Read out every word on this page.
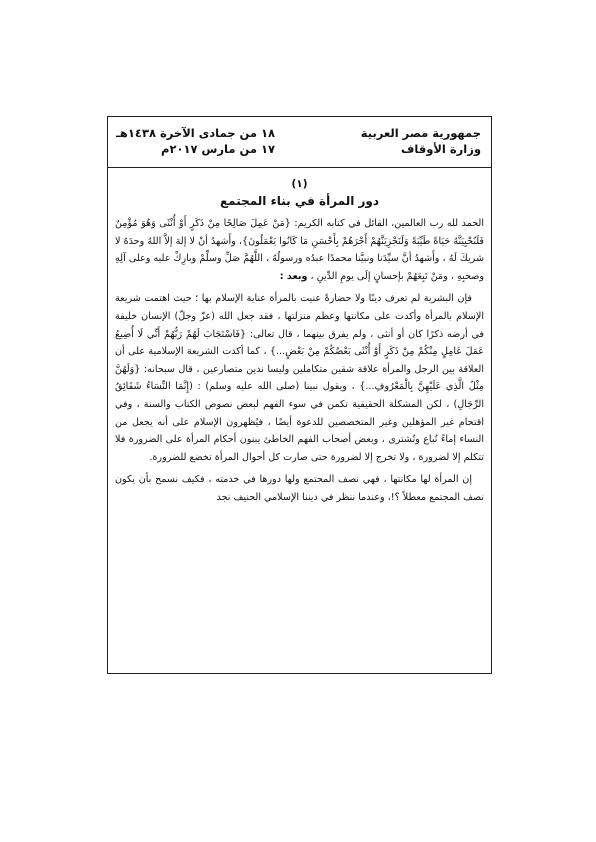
جمهورية مصر العربية
وزارة الأوقاف
١٨ من جمادى الآخرة ١٤٣٨هـ
١٧ من مارس ٢٠١٧م
(١)
دور المرأة في بناء المجتمع

الحمد لله رب العالمين، القائل في كتابه الكريم: {مَنْ عَمِلَ صَالِحًا مِنْ ذَكَرٍ أَوْ أُنْثَى وَهُوَ مُؤْمِنٌ فَلَنُحْيِيَنَّهُ حَيَاةً طَيِّبَةً وَلَنَجْزِيَنَّهُمْ أَجْرَهُمْ بِأَحْسَنِ مَا كَانُوا يَعْمَلُونَ}، وأَشهدُ أنْ لا إلهَ إلاَّ اللهُ وحدَهُ لا شريكَ لَهُ ، وأَشهدُ أنَّ سيِّدَنا ونبيَّنا محمدًا عبدُه ورسولُهُ ، اللَّهُمَّ صَلِّ وسلِّمْ وبارِكْ عليه وعلى آلِهِ وصحبِهِ ، ومَنْ تَبِعَهُمْ بإحسانٍ إلَى يومِ الدِّينِ ، وبعد :

فإن البشرية لم تعرف دينًا ولا حضارةً عنيت بالمرأة عناية الإسلام بها ؛ حيث اهتمت شريعة الإسلام بالمرأة وأكدت على مكانتها وعظم منزلتها ، فقد جعل الله (عزّ وجلّ) الإنسان خليفة في أرضه ذكرًا كان أو أنثى ، ولم يفرق بينهما ، قال تعالى: {فَاسْتَجَابَ لَهُمْ رَبُّهُمْ أَنِّي لَا أُضِيعُ عَمَلَ عَامِلٍ مِنْكُمْ مِنْ ذَكَرٍ أَوْ أُنْثَى بَعْضُكُمْ مِنْ بَعْضٍ...} ، كما أكدت الشريعة الإسلامية على أن العلاقة بين الرجل والمرأة علاقة شقين متكاملين وليسا ندين متصارعين ، قال سبحانه: {وَلَهُنَّ مِثْلُ الَّذِي عَلَيْهِنَّ بِالْمَعْرُوفِ...} ، ويقول نبينا (صلى الله عليه وسلم) : (إِنَّمَا النِّسَاءُ شَقَائِقُ الرِّجَالِ) ، لكن المشكلة الحقيقية تكمن في سوء الفهم لبعض نصوص الكتاب والسنة ، وفي اقتحام غير المؤهلين وغير المتخصصين للدعوة أيضًا ، فيُظهرون الإسلام على أنه يجعل من النساء إماءً تُباع وتُشترى ، وبعض أصحاب الفهم الخاطئ يبنون أحكام المرأة على الضرورة فلا تتكلم إلا لضرورة ، ولا تخرج إلا لضرورة حتى صارت كل أحوال المرأة تخضع للضرورة.

إن المرأة لها مكانتها ، فهي نصف المجتمع ولها دورها في خدمته ، فكيف نسمح بأن يكون نصف المجتمع معطلاً ؟!، وعندما ننظر في ديننا الإسلامي الحنيف نجد
